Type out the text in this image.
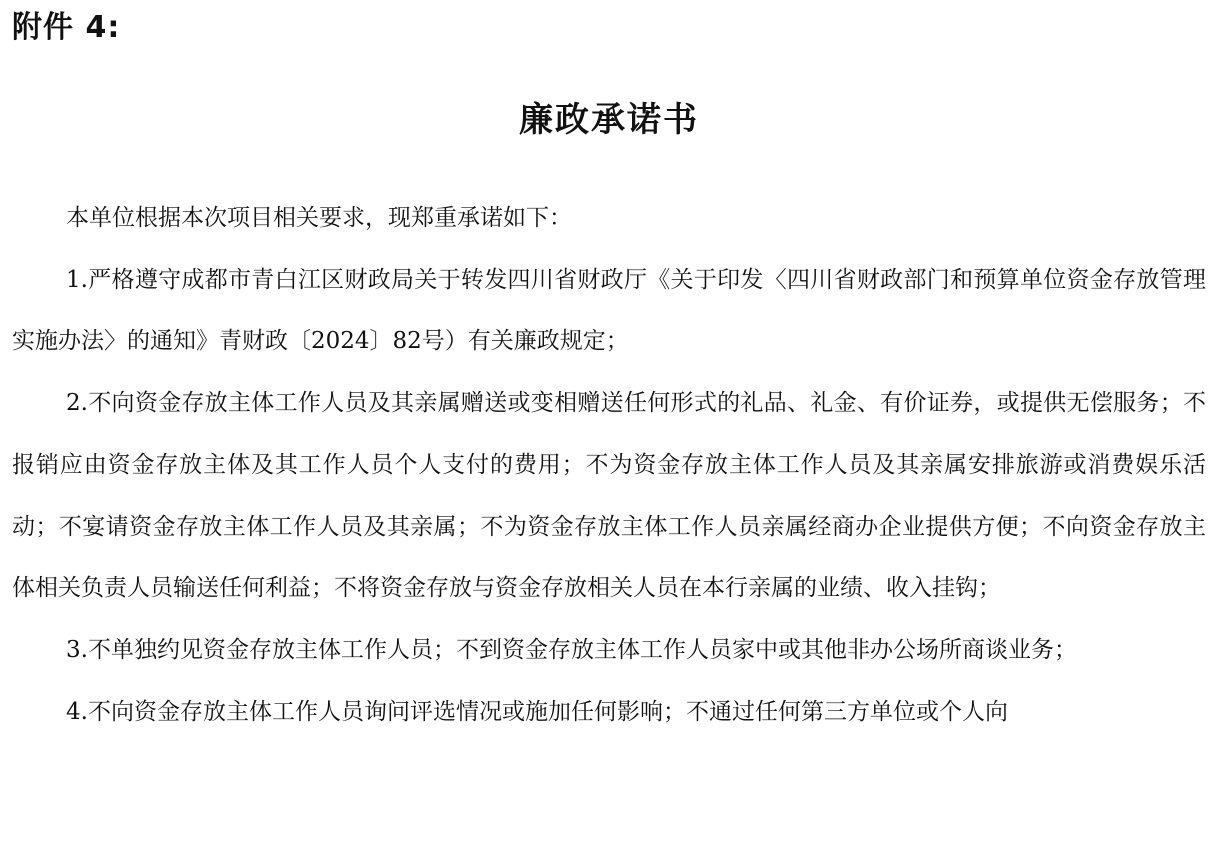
附件 4:
廉政承诺书

本单位根据本次项目相关要求，现郑重承诺如下：

1.严格遵守成都市青白江区财政局关于转发四川省财政厅《关于印发〈四川省财政部门和预算单位资金存放管理实施办法〉的通知》青财政〔2024〕82号）有关廉政规定；

2.不向资金存放主体工作人员及其亲属赠送或变相赠送任何形式的礼品、礼金、有价证券，或提供无偿服务；不报销应由资金存放主体及其工作人员个人支付的费用；不为资金存放主体工作人员及其亲属安排旅游或消费娱乐活动；不宴请资金存放主体工作人员及其亲属；不为资金存放主体工作人员亲属经商办企业提供方便；不向资金存放主体相关负责人员输送任何利益；不将资金存放与资金存放相关人员在本行亲属的业绩、收入挂钩；

3.不单独约见资金存放主体工作人员；不到资金存放主体工作人员家中或其他非办公场所商谈业务；

4.不向资金存放主体工作人员询问评选情况或施加任何影响；不通过任何第三方单位或个人向
